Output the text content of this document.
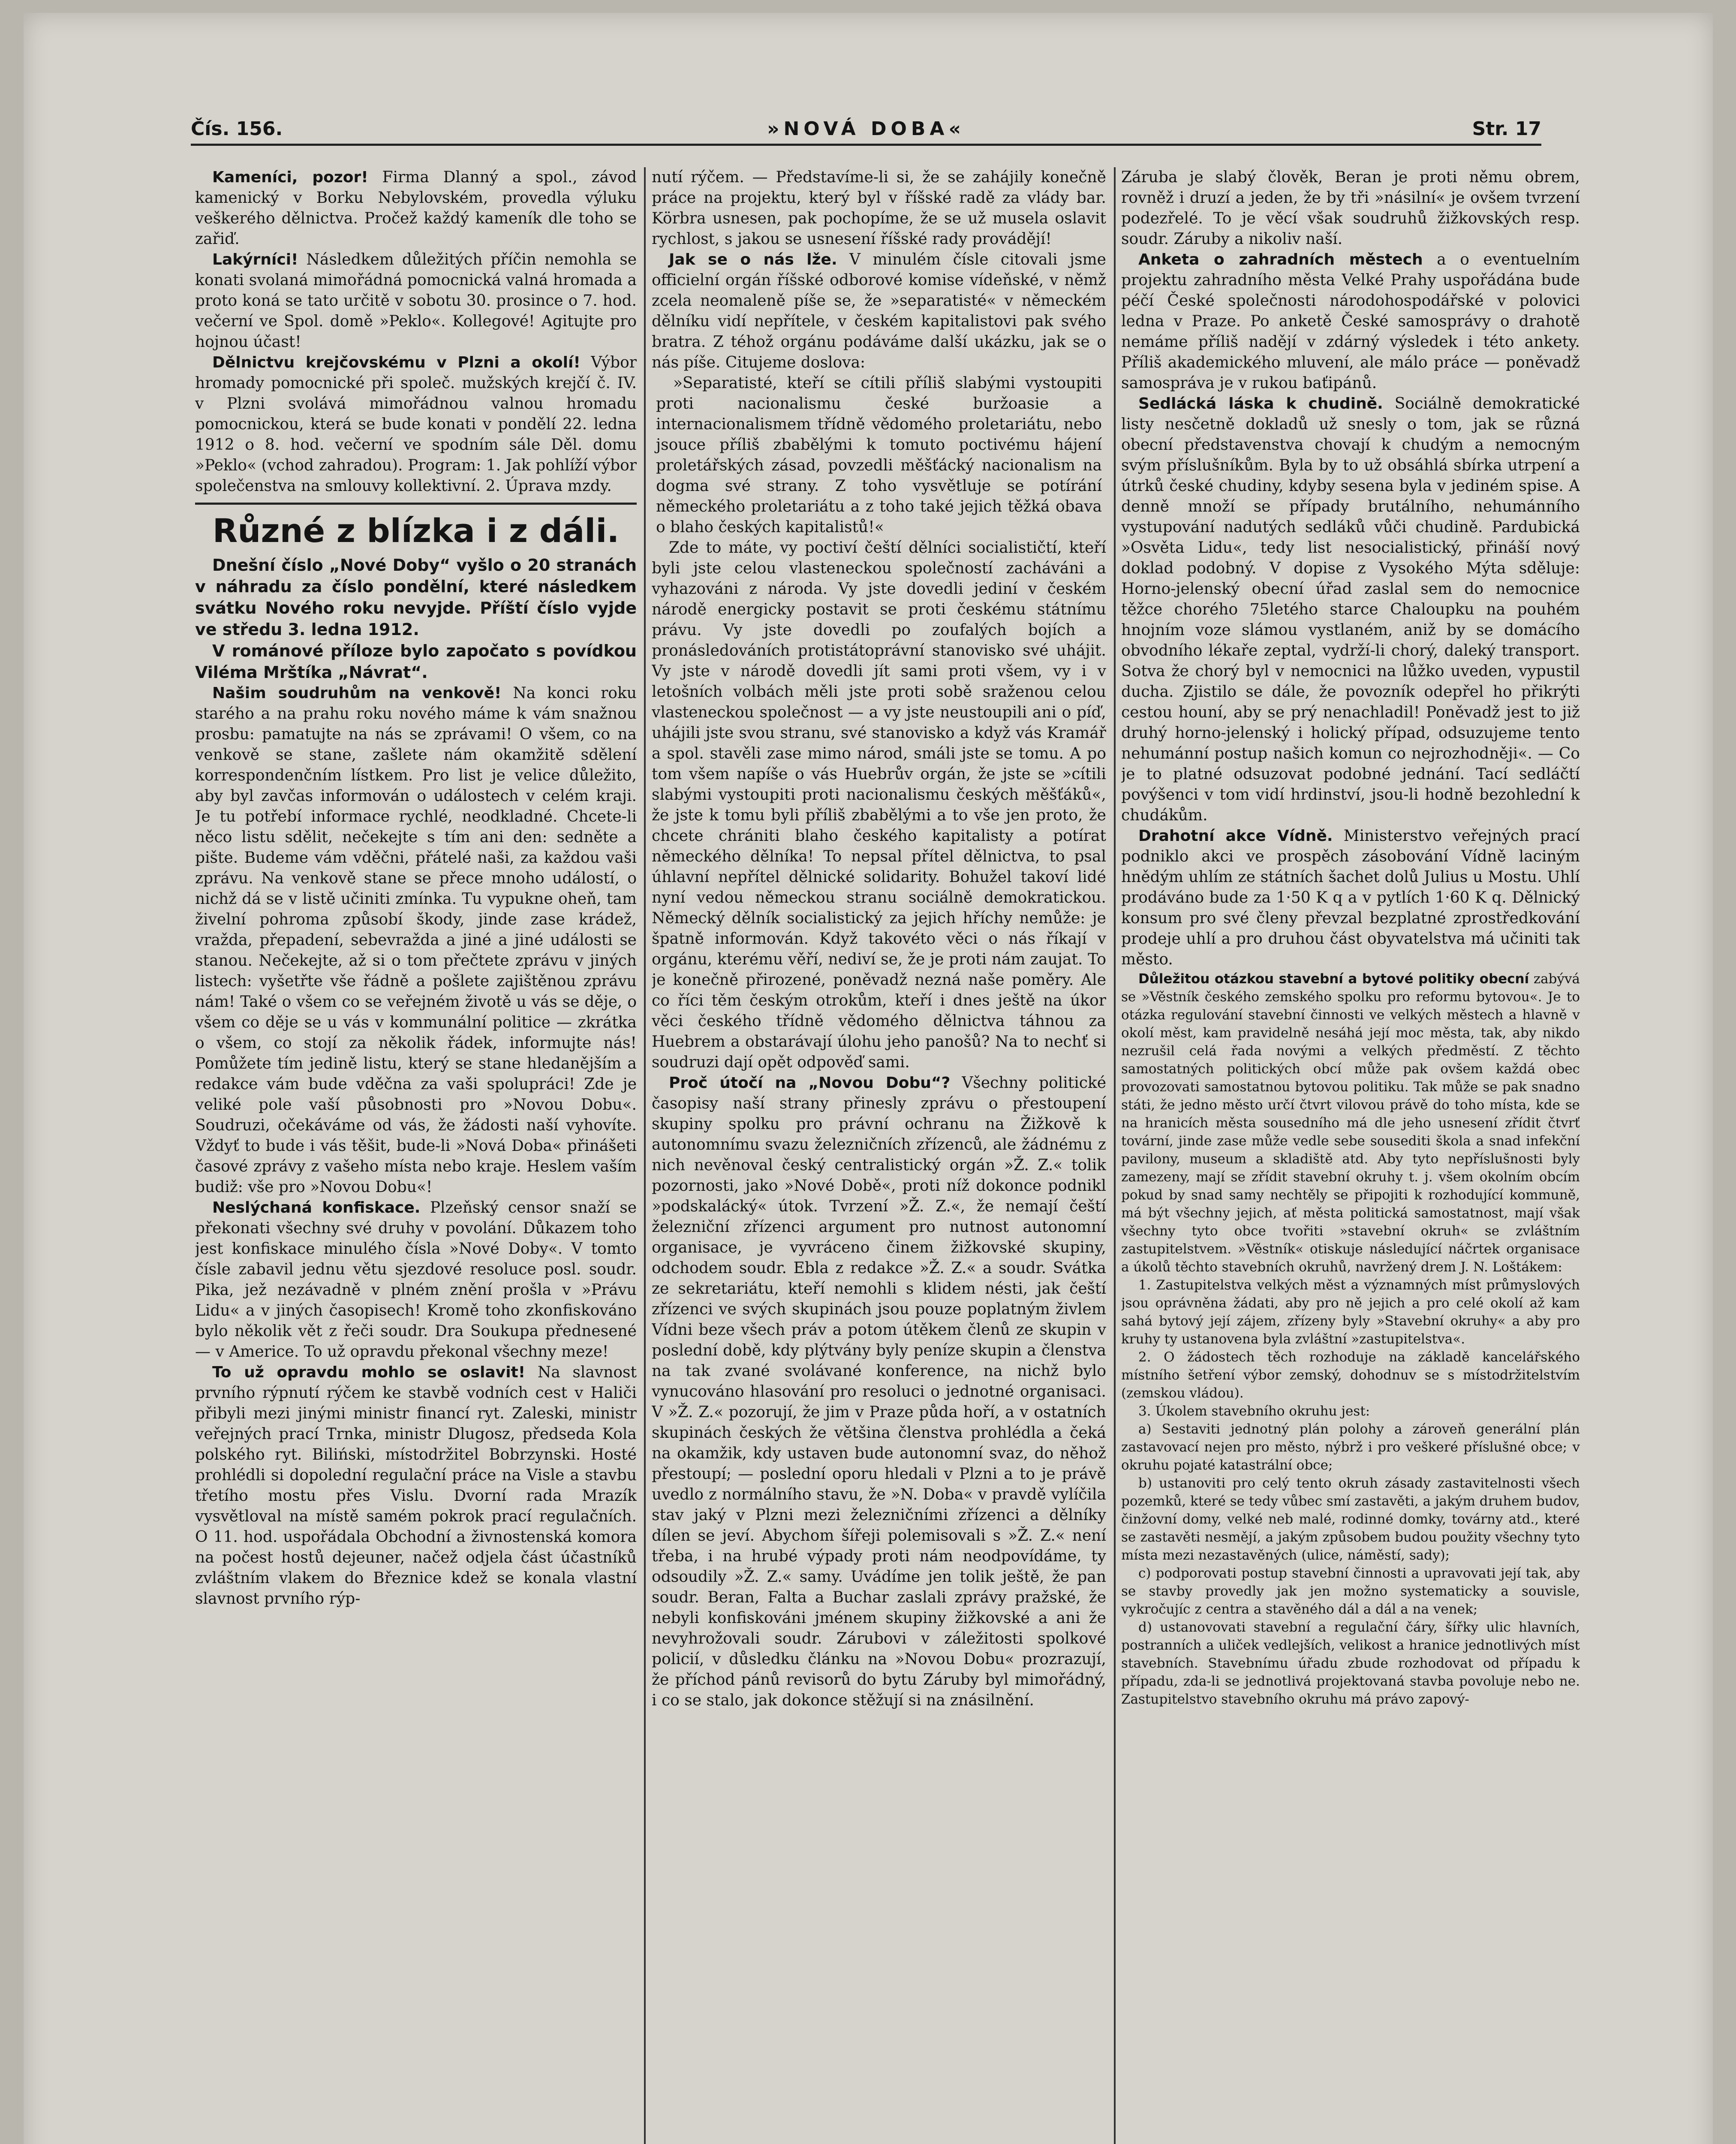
Čís. 156.	»NOVÁ DOBA«	Str. 17

Kameníci, pozor! Firma Dlanný a spol., závod kamenický v Borku Nebylovském, provedla výluku veškerého dělnictva. Pročež každý kameník dle toho se zařiď.

Lakýrníci! Následkem důležitých příčin nemohla se konati svolaná mimořádná pomocnická valná hromada a proto koná se tato určitě v sobotu 30. prosince o 7. hod. večerní ve Spol. domě »Peklo«. Kollegové! Agitujte pro hojnou účast!

Dělnictvu krejčovskému v Plzni a okolí! Výbor hromady pomocnické při společ. mužských krejčí č. IV. v Plzni svolává mimořádnou valnou hromadu pomocnickou, která se bude konati v pondělí 22. ledna 1912 o 8. hod. večerní ve spodním sále Děl. domu »Peklo« (vchod zahradou). Program: 1. Jak pohlíží výbor společenstva na smlouvy kollektivní. 2. Úprava mzdy.

Různé z blízka i z dáli.

Dnešní číslo „Nové Doby“ vyšlo o 20 stranách v náhradu za číslo pondělní, které následkem svátku Nového roku nevyjde. Příští číslo vyjde ve středu 3. ledna 1912.

V románové příloze bylo započato s povídkou Viléma Mrštíka „Návrat“.

Našim soudruhům na venkově! Na konci roku starého a na prahu roku nového máme k vám snažnou prosbu: pamatujte na nás se zprávami! O všem, co na venkově se stane, zašlete nám okamžitě sdělení korrespondenčním lístkem. Pro list je velice důležito, aby byl zavčas informován o událostech v celém kraji. Je tu potřebí informace rychlé, neodkladné. Chcete-li něco listu sdělit, nečekejte s tím ani den: sedněte a pište. Budeme vám vděčni, přátelé naši, za každou vaši zprávu. Na venkově stane se přece mnoho událostí, o nichž dá se v listě učiniti zmínka. Tu vypukne oheň, tam živelní pohroma způsobí škody, jinde zase krádež, vražda, přepadení, sebevražda a jiné a jiné události se stanou. Nečekejte, až si o tom přečtete zprávu v jiných listech: vyšetřte vše řádně a pošlete zajištěnou zprávu nám! Také o všem co se veřejném životě u vás se děje, o všem co děje se u vás v kommunální politice — zkrátka o všem, co stojí za několik řádek, informujte nás! Pomůžete tím jedině listu, který se stane hledanějším a redakce vám bude vděčna za vaši spolupráci! Zde je veliké pole vaší působnosti pro »Novou Dobu«. Soudruzi, očekáváme od vás, že žádosti naší vyhovíte. Vždyť to bude i vás těšit, bude-li »Nová Doba« přinášeti časové zprávy z vašeho místa nebo kraje. Heslem vaším budiž: vše pro »Novou Dobu«!

Neslýchaná konfiskace. Plzeňský censor snaží se překonati všechny své druhy v povolání. Důkazem toho jest konfiskace minulého čísla »Nové Doby«. V tomto čísle zabavil jednu větu sjezdové resoluce posl. soudr. Pika, jež nezávadně v plném znění prošla v »Právu Lidu« a v jiných časopisech! Kromě toho zkonfiskováno bylo několik vět z řeči soudr. Dra Soukupa přednesené — v Americe. To už opravdu překonal všechny meze!

To už opravdu mohlo se oslavit! Na slavnost prvního rýpnutí rýčem ke stavbě vodních cest v Haliči přibyli mezi jinými ministr financí ryt. Zaleski, ministr veřejných prací Trnka, ministr Dlugosz, předseda Kola polského ryt. Biliński, místodržitel Bobrzynski. Hosté prohlédli si dopolední regulační práce na Visle a stavbu třetího mostu přes Vislu. Dvorní rada Mrazík vysvětloval na místě samém pokrok prací regulačních. O 11. hod. uspořádala Obchodní a živnostenská komora na počest hostů dejeuner, načež odjela část účastníků zvláštním vlakem do Březnice kdež se konala vlastní slavnost prvního rýp-

nutí rýčem. — Představíme-li si, že se zahájily konečně práce na projektu, který byl v říšské radě za vlády bar. Körbra usnesen, pak pochopíme, že se už musela oslavit rychlost, s jakou se usnesení říšské rady provádějí!

Jak se o nás lže. V minulém čísle citovali jsme officielní orgán říšské odborové komise vídeňské, v němž zcela neomaleně píše se, že »separatisté« v německém dělníku vidí nepřítele, v českém kapitalistovi pak svého bratra. Z téhož orgánu podáváme další ukázku, jak se o nás píše. Citujeme doslova:

»Separatisté, kteří se cítili příliš slabými vystoupiti proti nacionalismu české buržoasie a internacionalismem třídně vědomého proletariátu, nebo jsouce příliš zbabělými k tomuto poctivému hájení proletářských zásad, povzedli měšťácký nacionalism na dogma své strany. Z toho vysvětluje se potírání německého proletariátu a z toho také jejich těžká obava o blaho českých kapitalistů!«

Zde to máte, vy poctiví čeští dělníci socialističtí, kteří byli jste celou vlasteneckou společností zacháváni a vyhazováni z národa. Vy jste dovedli jediní v českém národě energicky postavit se proti českému státnímu právu. Vy jste dovedli po zoufalých bojích a pronásledováních protistátoprávní stanovisko své uhájit. Vy jste v národě dovedli jít sami proti všem, vy i v letošních volbách měli jste proti sobě sraženou celou vlasteneckou společnost — a vy jste neustoupili ani o píď, uhájili jste svou stranu, své stanovisko a když vás Kramář a spol. stavěli zase mimo národ, smáli jste se tomu. A po tom všem napíše o vás Huebrův orgán, že jste se »cítili slabými vystoupiti proti nacionalismu českých měšťáků«, že jste k tomu byli příliš zbabělými a to vše jen proto, že chcete chrániti blaho českého kapitalisty a potírat německého dělníka! To nepsal přítel dělnictva, to psal úhlavní nepřítel dělnické solidarity. Bohužel takoví lidé nyní vedou německou stranu sociálně demokratickou. Německý dělník socialistický za jejich hříchy nemůže: je špatně informován. Když takovéto věci o nás říkají v orgánu, kterému věří, nediví se, že je proti nám zaujat. To je konečně přirozené, poněvadž nezná naše poměry. Ale co říci těm českým otrokům, kteří i dnes ještě na úkor věci českého třídně vědomého dělnictva táhnou za Huebrem a obstarávají úlohu jeho panošů? Na to nechť si soudruzi dají opět odpověď sami.

Proč útočí na „Novou Dobu“? Všechny politické časopisy naší strany přinesly zprávu o přestoupení skupiny spolku pro právní ochranu na Žižkově k autonomnímu svazu železničních zřízenců, ale žádnému z nich nevěnoval český centralistický orgán »Ž. Z.« tolik pozornosti, jako »Nové Době«, proti níž dokonce podnikl »podskalácký« útok. Tvrzení »Ž. Z.«, že nemají čeští železniční zřízenci argument pro nutnost autonomní organisace, je vyvráceno činem žižkovské skupiny, odchodem soudr. Ebla z redakce »Ž. Z.« a soudr. Svátka ze sekretariátu, kteří nemohli s klidem nésti, jak čeští zřízenci ve svých skupinách jsou pouze poplatným živlem Vídni beze všech práv a potom útěkem členů ze skupin v poslední době, kdy plýtvány byly peníze skupin a členstva na tak zvané svolávané konference, na nichž bylo vynucováno hlasování pro resoluci o jednotné organisaci. V »Ž. Z.« pozorují, že jim v Praze půda hoří, a v ostatních skupinách českých že většina členstva prohlédla a čeká na okamžik, kdy ustaven bude autonomní svaz, do něhož přestoupí; — poslední oporu hledali v Plzni a to je právě uvedlo z normálního stavu, že »N. Doba« v pravdě vylíčila stav jaký v Plzni mezi železničními zřízenci a dělníky dílen se jeví. Abychom šířeji polemisovali s »Ž. Z.« není třeba, i na hrubé výpady proti nám neodpovídáme, ty odsoudily »Ž. Z.« samy. Uvádíme jen tolik ještě, že pan soudr. Beran, Falta a Buchar zaslali zprávy pražské, že nebyli konfiskováni jménem skupiny žižkovské a ani že nevyhrožovali soudr. Zárubovi v záležitosti spolkové policií, v důsledku článku na »Novou Dobu« prozrazují, že příchod pánů revisorů do bytu Záruby byl mimořádný, i co se stalo, jak dokonce stěžují si na znásilnění.

Záruba je slabý člověk, Beran je proti němu obrem, rovněž i druzí a jeden, že by tři »násilní« je ovšem tvrzení podezřelé. To je věcí však soudruhů žižkovských resp. soudr. Záruby a nikoliv naší.

Anketa o zahradních městech a o eventuelním projektu zahradního města Velké Prahy uspořádána bude péčí České společnosti národohospodářské v polovici ledna v Praze. Po anketě České samosprávy o drahotě nemáme příliš nadějí v zdárný výsledek i této ankety. Příliš akademického mluvení, ale málo práce — poněvadž samospráva je v rukou baťipánů.

Sedlácká láska k chudině. Sociálně demokratické listy nesčetně dokladů už snesly o tom, jak se různá obecní představenstva chovají k chudým a nemocným svým příslušníkům. Byla by to už obsáhlá sbírka utrpení a útrků české chudiny, kdyby sesena byla v jediném spise. A denně množí se případy brutálního, nehumánního vystupování nadutých sedláků vůči chudině. Pardubická »Osvěta Lidu«, tedy list nesocialistický, přináší nový doklad podobný. V dopise z Vysokého Mýta sděluje: Horno-jelenský obecní úřad zaslal sem do nemocnice těžce chorého 75letého starce Chaloupku na pouhém hnojním voze slámou vystlaném, aniž by se domácího obvodního lékaře zeptal, vydrží-li chorý, daleký transport. Sotva že chorý byl v nemocnici na lůžko uveden, vypustil ducha. Zjistilo se dále, že povozník odepřel ho přikrýti cestou houní, aby se prý nenachladil! Poněvadž jest to již druhý horno-jelenský i holický případ, odsuzujeme tento nehumánní postup našich komun co nejrozhodněji«. — Co je to platné odsuzovat podobné jednání. Tací sedláčtí povýšenci v tom vidí hrdinství, jsou-li hodně bezohlední k chudákům.

Drahotní akce Vídně. Ministerstvo veřejných prací podniklo akci ve prospěch zásobování Vídně laciným hnědým uhlím ze státních šachet dolů Julius u Mostu. Uhlí prodáváno bude za 1·50 K q a v pytlích 1·60 K q. Dělnický konsum pro své členy převzal bezplatné zprostředkování prodeje uhlí a pro druhou část obyvatelstva má učiniti tak město.

Důležitou otázkou stavební a bytové politiky obecní zabývá se »Věstník českého zemského spolku pro reformu bytovou«. Je to otázka regulování stavební činnosti ve velkých městech a hlavně v okolí měst, kam pravidelně nesáhá její moc města, tak, aby nikdo nezrušil celá řada novými a velkých předměstí. Z těchto samostatných politických obcí může pak ovšem každá obec provozovati samostatnou bytovou politiku. Tak může se pak snadno státi, že jedno město určí čtvrt vilovou právě do toho místa, kde se na hranicích města sousedního má dle jeho usnesení zřídit čtvrť tovární, jinde zase může vedle sebe sousediti škola a snad infekční pavilony, museum a skladiště atd. Aby tyto nepříslušnosti byly zamezeny, mají se zřídit stavební okruhy t. j. všem okolním obcím pokud by snad samy nechtěly se připojiti k rozhodující kommuně, má být všechny jejich, ať města politická samostatnost, mají však všechny tyto obce tvořiti »stavební okruh« se zvláštním zastupitelstvem. »Věstník« otiskuje následující náčrtek organisace a úkolů těchto stavebních okruhů, navržený drem J. N. Loštákem:

1. Zastupitelstva velkých měst a významných míst průmyslových jsou oprávněna žádati, aby pro ně jejich a pro celé okolí až kam sahá bytový její zájem, zřízeny byly »Stavební okruhy« a aby pro kruhy ty ustanovena byla zvláštní »zastupitelstva«.

2. O žádostech těch rozhoduje na základě kancelářského místního šetření výbor zemský, dohodnuv se s místodržitelstvím (zemskou vládou).

3. Úkolem stavebního okruhu jest:

a) Sestaviti jednotný plán polohy a zároveň generální plán zastavovací nejen pro město, nýbrž i pro veškeré příslušné obce; v okruhu pojaté katastrální obce;

b) ustanoviti pro celý tento okruh zásady zastavitelnosti všech pozemků, které se tedy vůbec smí zastavěti, a jakým druhem budov, činžovní domy, velké neb malé, rodinné domky, továrny atd., které se zastavěti nesmějí, a jakým způsobem budou použity všechny tyto místa mezi nezastavěných (ulice, náměstí, sady);

c) podporovati postup stavební činnosti a upravovati její tak, aby se stavby provedly jak jen možno systematicky a souvisle, vykročujíc z centra a stavěného dál a dál a na venek;

d) ustanovovati stavební a regulační čáry, šířky ulic hlavních, postranních a uliček vedlejších, velikost a hranice jednotlivých míst stavebních. Stavebnímu úřadu zbude rozhodovat od případu k případu, zda-li se jednotlivá projektovaná stavba povoluje nebo ne. Zastupitelstvo stavebního okruhu má právo zapový-
